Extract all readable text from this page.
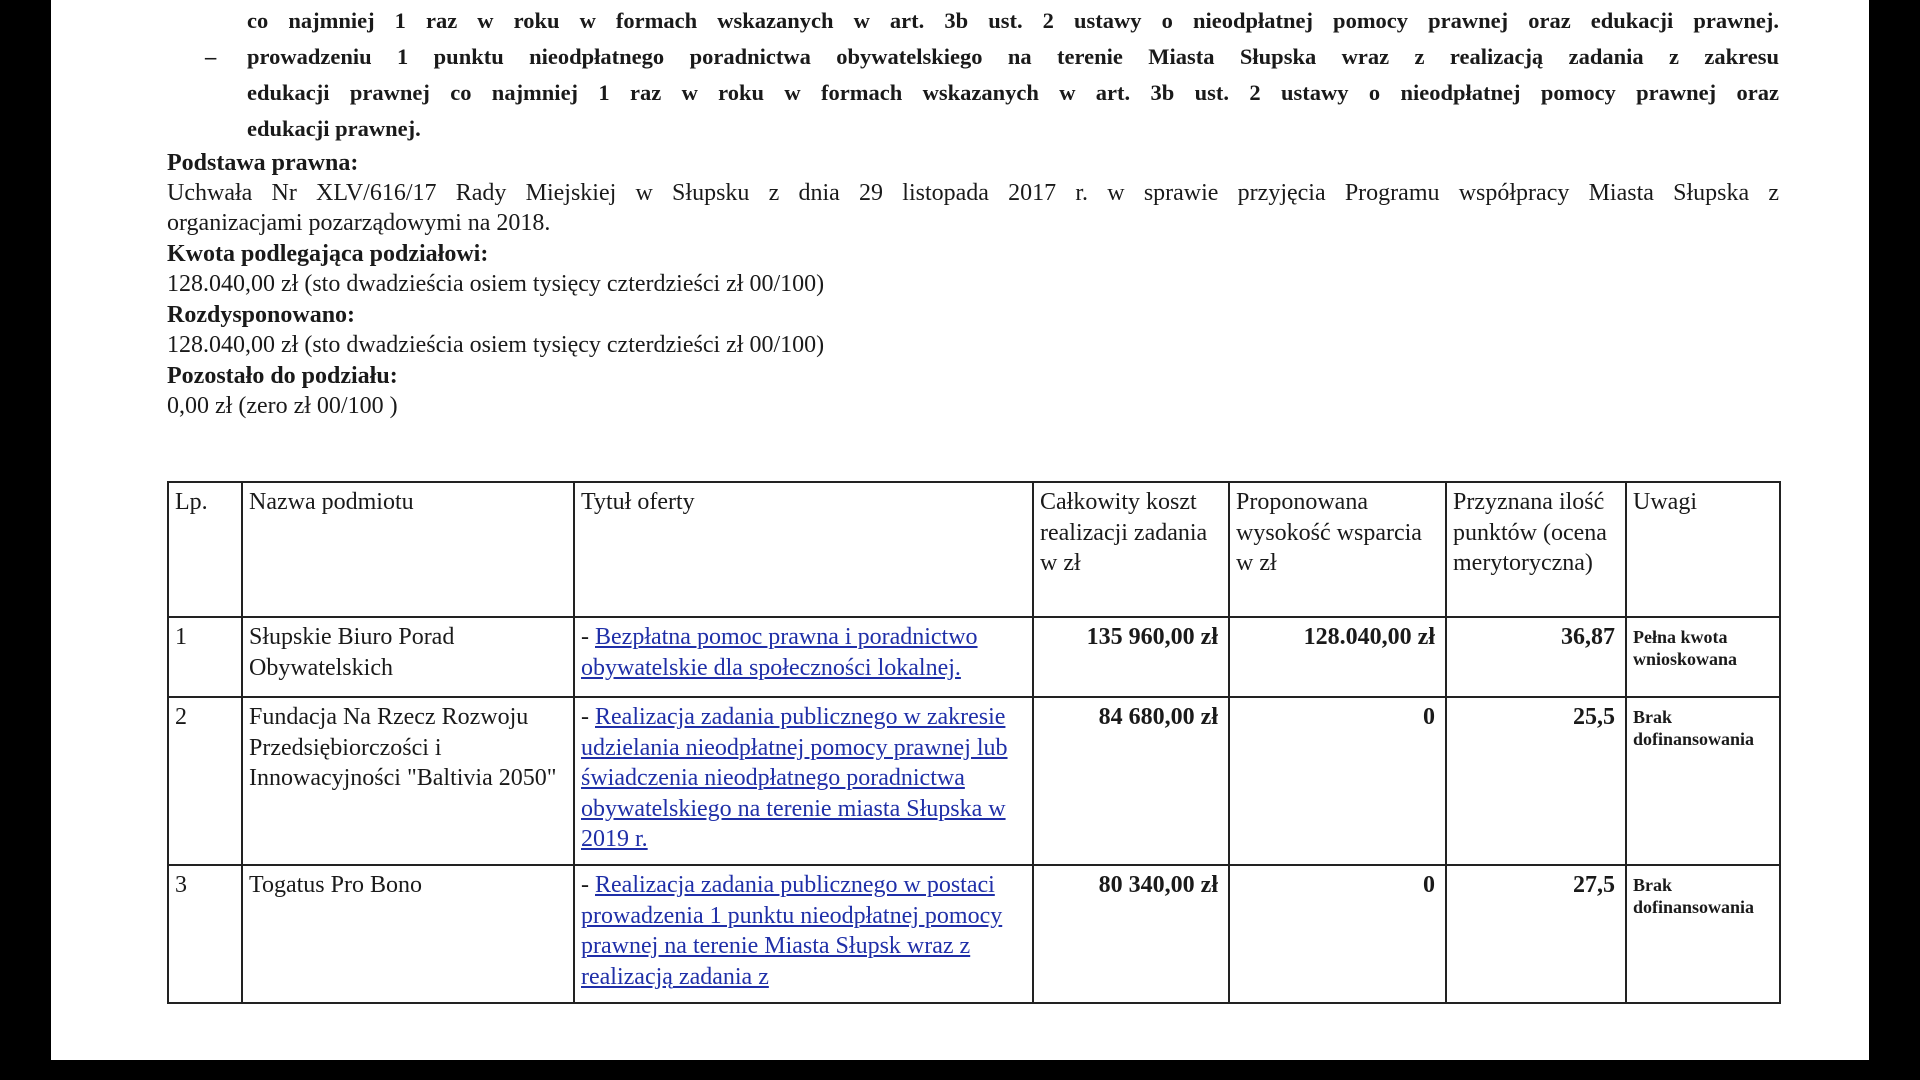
co najmniej 1 raz w roku w formach wskazanych w art. 3b ust. 2 ustawy o nieodpłatnej pomocy prawnej oraz edukacji prawnej.
– prowadzeniu 1 punktu nieodpłatnego poradnictwa obywatelskiego na terenie Miasta Słupska wraz z realizacją zadania z zakresu
edukacji prawnej co najmniej 1 raz w roku w formach wskazanych w art. 3b ust. 2 ustawy o nieodpłatnej pomocy prawnej oraz
edukacji prawnej.
Podstawa prawna:
Uchwała Nr XLV/616/17 Rady Miejskiej w Słupsku z dnia 29 listopada 2017 r. w sprawie przyjęcia Programu współpracy Miasta Słupska z
organizacjami pozarządowymi na 2018.
Kwota podlegająca podziałowi:
128.040,00 zł (sto dwadzieścia osiem tysięcy czterdzieści zł 00/100)
Rozdysponowano:
128.040,00 zł (sto dwadzieścia osiem tysięcy czterdzieści zł 00/100)
Pozostało do podziału:
0,00 zł (zero zł 00/100 )
Lp.	Nazwa podmiotu	Tytuł oferty	Całkowity koszt realizacji zadania w zł	Proponowana wysokość wsparcia w zł	Przyznana ilość punktów (ocena merytoryczna)	Uwagi
1	Słupskie Biuro Porad Obywatelskich	- Bezpłatna pomoc prawna i poradnictwo obywatelskie dla społeczności lokalnej.	135 960,00 zł	128.040,00 zł	36,87	Pełna kwota wnioskowana
2	Fundacja Na Rzecz Rozwoju Przedsiębiorczości i Innowacyjności "Baltivia 2050"	- Realizacja zadania publicznego w zakresie udzielania nieodpłatnej pomocy prawnej lub świadczenia nieodpłatnego poradnictwa obywatelskiego na terenie miasta Słupska w 2019 r.	84 680,00 zł	0	25,5	Brak dofinansowania
3	Togatus Pro Bono	- Realizacja zadania publicznego w postaci prowadzenia 1 punktu nieodpłatnej pomocy prawnej na terenie Miasta Słupsk wraz z realizacją zadania z	80 340,00 zł	0	27,5	Brak dofinansowania
